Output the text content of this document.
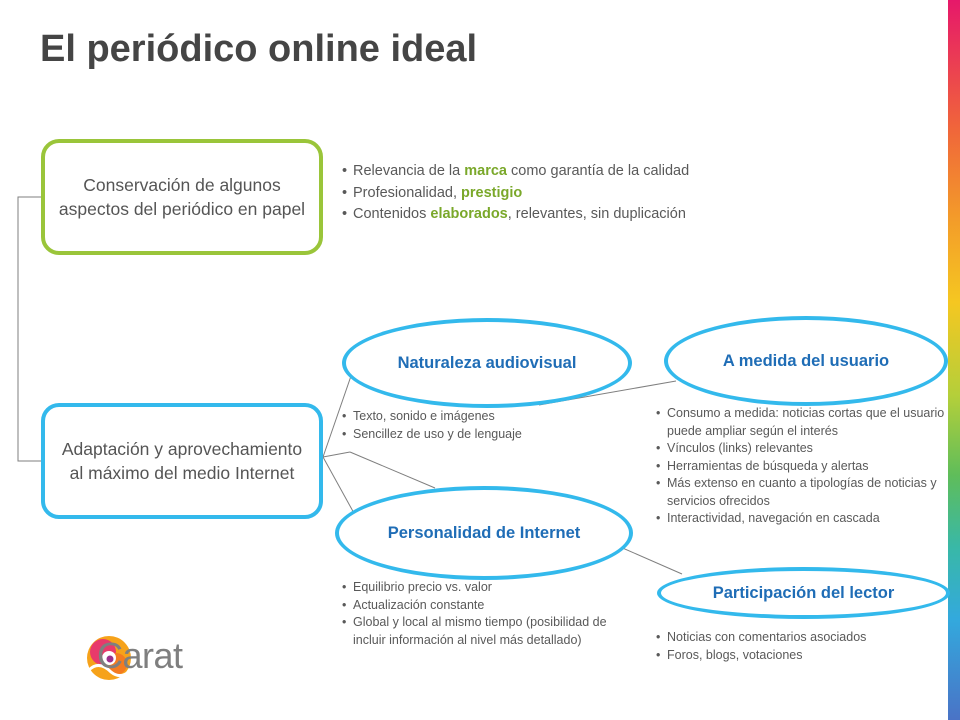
El periódico online ideal
Conservación de algunos aspectos del periódico en papel
Adaptación y aprovechamiento al máximo del medio Internet
• Relevancia de la marca como garantía de la calidad
• Profesionalidad, prestigio
• Contenidos elaborados, relevantes, sin duplicación
Naturaleza audiovisual	A medida del usuario
Personalidad de Internet
Participación del lector
• Texto, sonido e imágenes
• Sencillez de uso y de lenguaje
• Consumo a medida: noticias cortas que el usuario puede ampliar según el interés
• Vínculos (links) relevantes
• Herramientas de búsqueda y alertas
• Más extenso en cuanto a tipologías de noticias y servicios ofrecidos
• Interactividad, navegación en cascada
• Equilibrio precio vs. valor
• Actualización constante
• Global y local al mismo tiempo (posibilidad de incluir información al nivel más detallado)
•	Noticias con comentarios asociados
• Foros, blogs, votaciones
Carat
